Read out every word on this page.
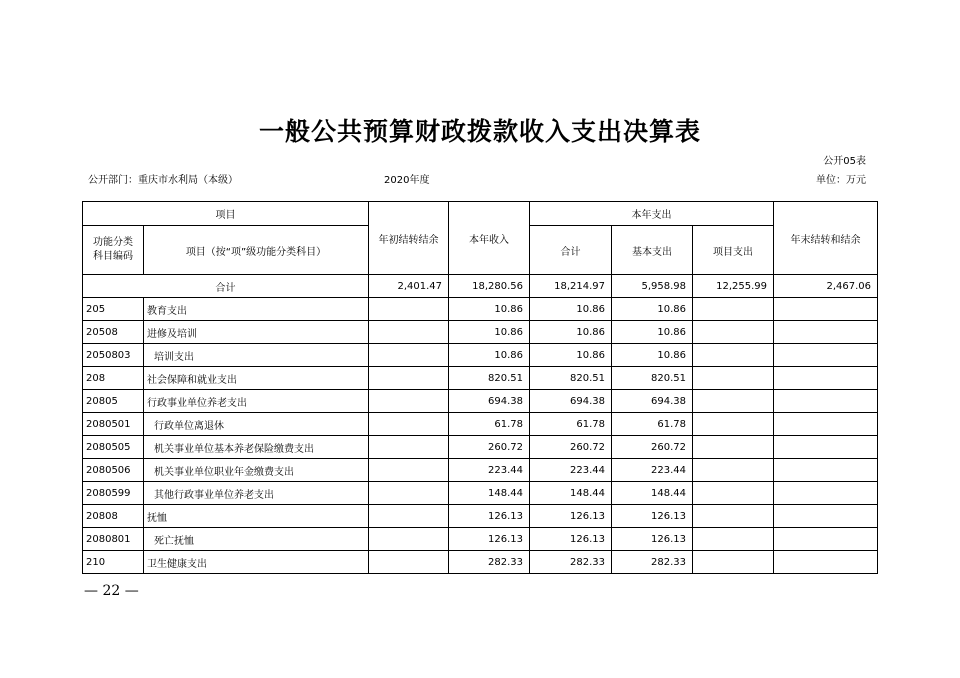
一般公共预算财政拨款收入支出决算表
公开05表
公开部门：重庆市水利局（本级）	2020年度	单位：万元
项目		年初结转结余	本年收入	本年支出			年末结转和结余
功能分类
科目编码	项目（按“项”级功能分类科目）			合计	基本支出	项目支出	
合计		2,401.47	18,280.56	18,214.97	5,958.98	12,255.99	2,467.06
205	教育支出		10.86	10.86	10.86		
20508	进修及培训		10.86	10.86	10.86		
2050803	培训支出		10.86	10.86	10.86		
208	社会保障和就业支出		820.51	820.51	820.51		
20805	行政事业单位养老支出		694.38	694.38	694.38		
2080501	行政单位离退休		61.78	61.78	61.78		
2080505	机关事业单位基本养老保险缴费支出		260.72	260.72	260.72		
2080506	机关事业单位职业年金缴费支出		223.44	223.44	223.44		
2080599	其他行政事业单位养老支出		148.44	148.44	148.44		
20808	抚恤		126.13	126.13	126.13		
2080801	死亡抚恤		126.13	126.13	126.13		
210	卫生健康支出		282.33	282.33	282.33		
— 22 —
